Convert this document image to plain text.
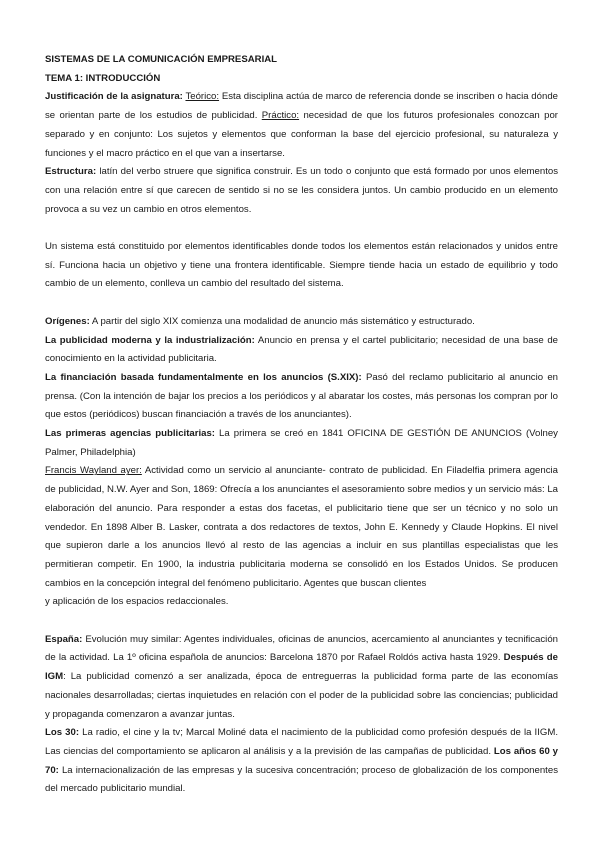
SISTEMAS DE LA COMUNICACIÓN EMPRESARIAL
TEMA 1: INTRODUCCIÓN

Justificación de la asignatura: Teórico: Esta disciplina actúa de marco de referencia donde se inscriben o hacia dónde se orientan parte de los estudios de publicidad. Práctico: necesidad de que los futuros profesionales conozcan por separado y en conjunto: Los sujetos y elementos que conforman la base del ejercicio profesional, su naturaleza y funciones y el macro práctico en el que van a insertarse.

Estructura: latín del verbo struere que significa construir. Es un todo o conjunto que está formado por unos elementos con una relación entre sí que carecen de sentido si no se les considera juntos. Un cambio producido en un elemento provoca a su vez un cambio en otros elementos.

Un sistema está constituido por elementos identificables donde todos los elementos están relacionados y unidos entre sí. Funciona hacia un objetivo y tiene una frontera identificable. Siempre tiende hacia un estado de equilibrio y todo cambio de un elemento, conlleva un cambio del resultado del sistema.

Orígenes: A partir del siglo XIX comienza una modalidad de anuncio más sistemático y estructurado.

La publicidad moderna y la industrialización: Anuncio en prensa y el cartel publicitario; necesidad de una base de conocimiento en la actividad publicitaria.

La financiación basada fundamentalmente en los anuncios (S.XIX): Pasó del reclamo publicitario al anuncio en prensa. (Con la intención de bajar los precios a los periódicos y al abaratar los costes, más personas los compran por lo que estos (periódicos) buscan financiación a través de los anunciantes).

Las primeras agencias publicitarias: La primera se creó en 1841 OFICINA DE GESTIÓN DE ANUNCIOS (Volney Palmer, Philadelphia)

Francis Wayland ayer: Actividad como un servicio al anunciante- contrato de publicidad. En Filadelfia primera agencia de publicidad, N.W. Ayer and Son, 1869: Ofrecía a los anunciantes el asesoramiento sobre medios y un servicio más: La elaboración del anuncio. Para responder a estas dos facetas, el publicitario tiene que ser un técnico y no solo un vendedor. En 1898 Alber B. Lasker, contrata a dos redactores de textos, John E. Kennedy y Claude Hopkins. El nivel que supieron darle a los anuncios llevó al resto de las agencias a incluir en sus plantillas especialistas que les permitieran competir. En 1900, la industria publicitaria moderna se consolidó en los Estados Unidos. Se producen cambios en la concepción integral del fenómeno publicitario. Agentes que buscan clientes

y aplicación de los espacios redaccionales.

España: Evolución muy similar: Agentes individuales, oficinas de anuncios, acercamiento al anunciantes y tecnificación de la actividad. La 1º oficina española de anuncios: Barcelona 1870 por Rafael Roldós activa hasta 1929. Después de IGM: La publicidad comenzó a ser analizada, época de entreguerras la publicidad forma parte de las economías nacionales desarrolladas; ciertas inquietudes en relación con el poder de la publicidad sobre las conciencias; publicidad y propaganda comenzaron a avanzar juntas.

Los 30: La radio, el cine y la tv; Marcal Moliné data el nacimiento de la publicidad como profesión después de la IIGM. Las ciencias del comportamiento se aplicaron al análisis y a la previsión de las campañas de publicidad. Los años 60 y 70: La internacionalización de las empresas y la sucesiva concentración; proceso de globalización de los componentes del mercado publicitario mundial.
